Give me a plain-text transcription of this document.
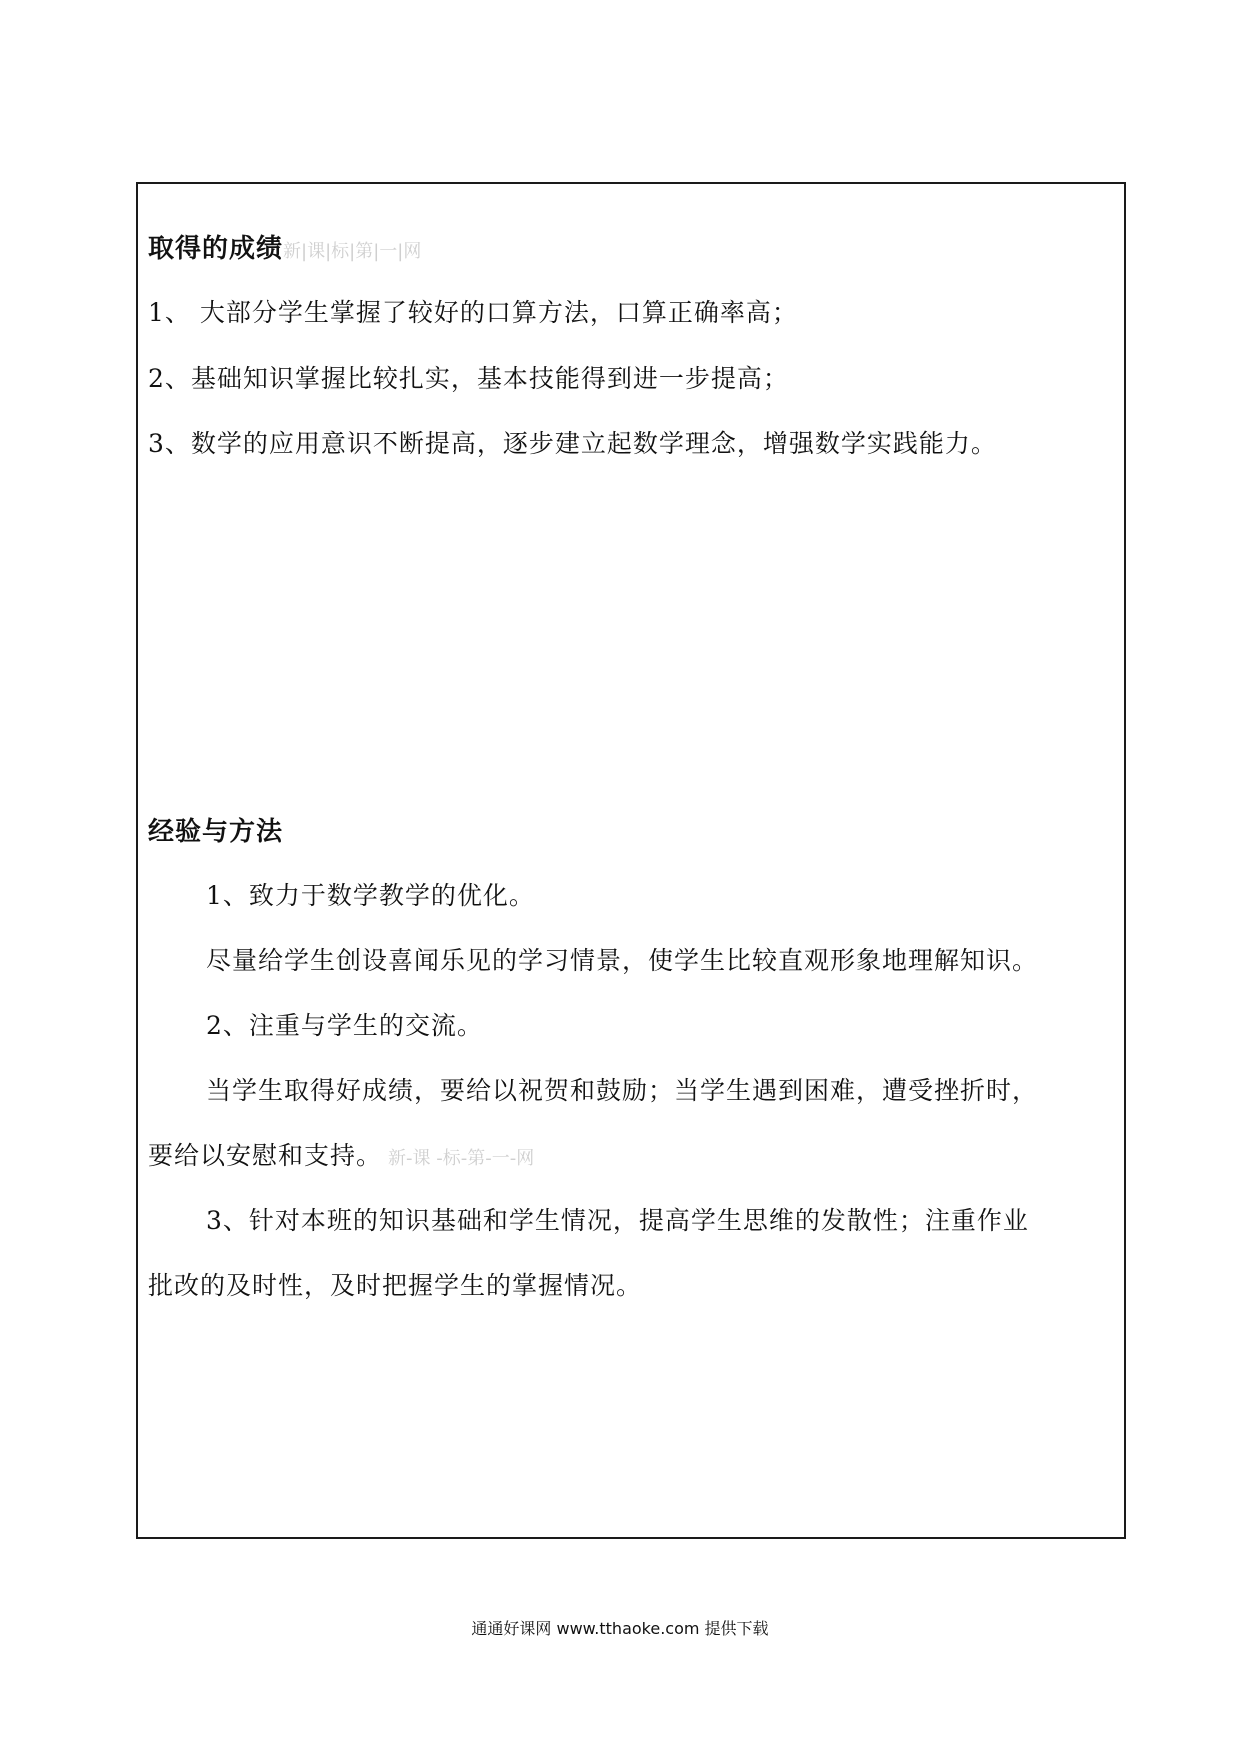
取得的成绩新|课|标|第|一|网
1、 大部分学生掌握了较好的口算方法，口算正确率高；
2、基础知识掌握比较扎实，基本技能得到进一步提高；
3、数学的应用意识不断提高，逐步建立起数学理念，增强数学实践能力。
经验与方法
1、致力于数学教学的优化。
尽量给学生创设喜闻乐见的学习情景，使学生比较直观形象地理解知识。
2、注重与学生的交流。
当学生取得好成绩，要给以祝贺和鼓励；当学生遇到困难，遭受挫折时，
要给以安慰和支持。 新-课 -标-第-一-网
3、针对本班的知识基础和学生情况，提高学生思维的发散性；注重作业
批改的及时性，及时把握学生的掌握情况。
通通好课网 www.tthaoke.com 提供下载
